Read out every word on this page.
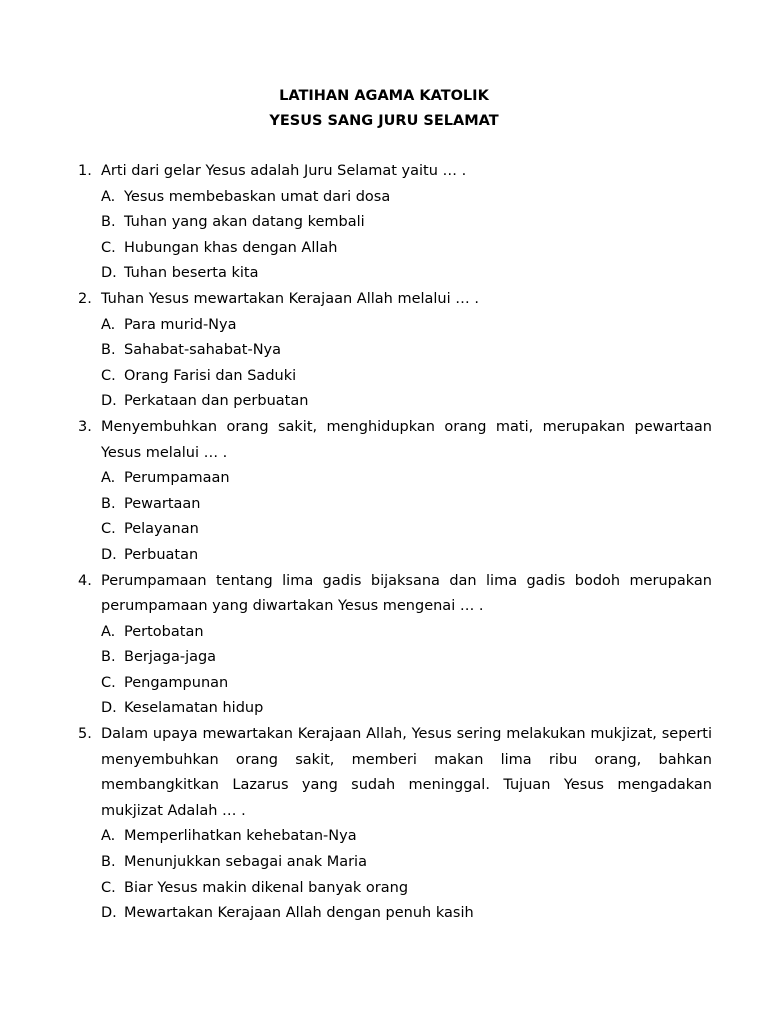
LATIHAN AGAMA KATOLIK
YESUS SANG JURU SELAMAT
1. Arti dari gelar Yesus adalah Juru Selamat yaitu … .
A. Yesus membebaskan umat dari dosa
B. Tuhan yang akan datang kembali
C. Hubungan khas dengan Allah
D. Tuhan beserta kita
2. Tuhan Yesus mewartakan Kerajaan Allah melalui … .
A. Para murid-Nya
B. Sahabat-sahabat-Nya
C. Orang Farisi dan Saduki
D. Perkataan dan perbuatan
3. Menyembuhkan orang sakit, menghidupkan orang mati, merupakan pewartaan Yesus melalui … .
A. Perumpamaan
B. Pewartaan
C. Pelayanan
D. Perbuatan
4. Perumpamaan tentang lima gadis bijaksana dan lima gadis bodoh merupakan perumpamaan yang diwartakan Yesus mengenai … .
A. Pertobatan
B. Berjaga-jaga
C. Pengampunan
D. Keselamatan hidup
5. Dalam upaya mewartakan Kerajaan Allah, Yesus sering melakukan mukjizat, seperti menyembuhkan orang sakit, memberi makan lima ribu orang, bahkan membangkitkan Lazarus yang sudah meninggal. Tujuan Yesus mengadakan mukjizat Adalah … .
A. Memperlihatkan kehebatan-Nya
B. Menunjukkan sebagai anak Maria
C. Biar Yesus makin dikenal banyak orang
D. Mewartakan Kerajaan Allah dengan penuh kasih
